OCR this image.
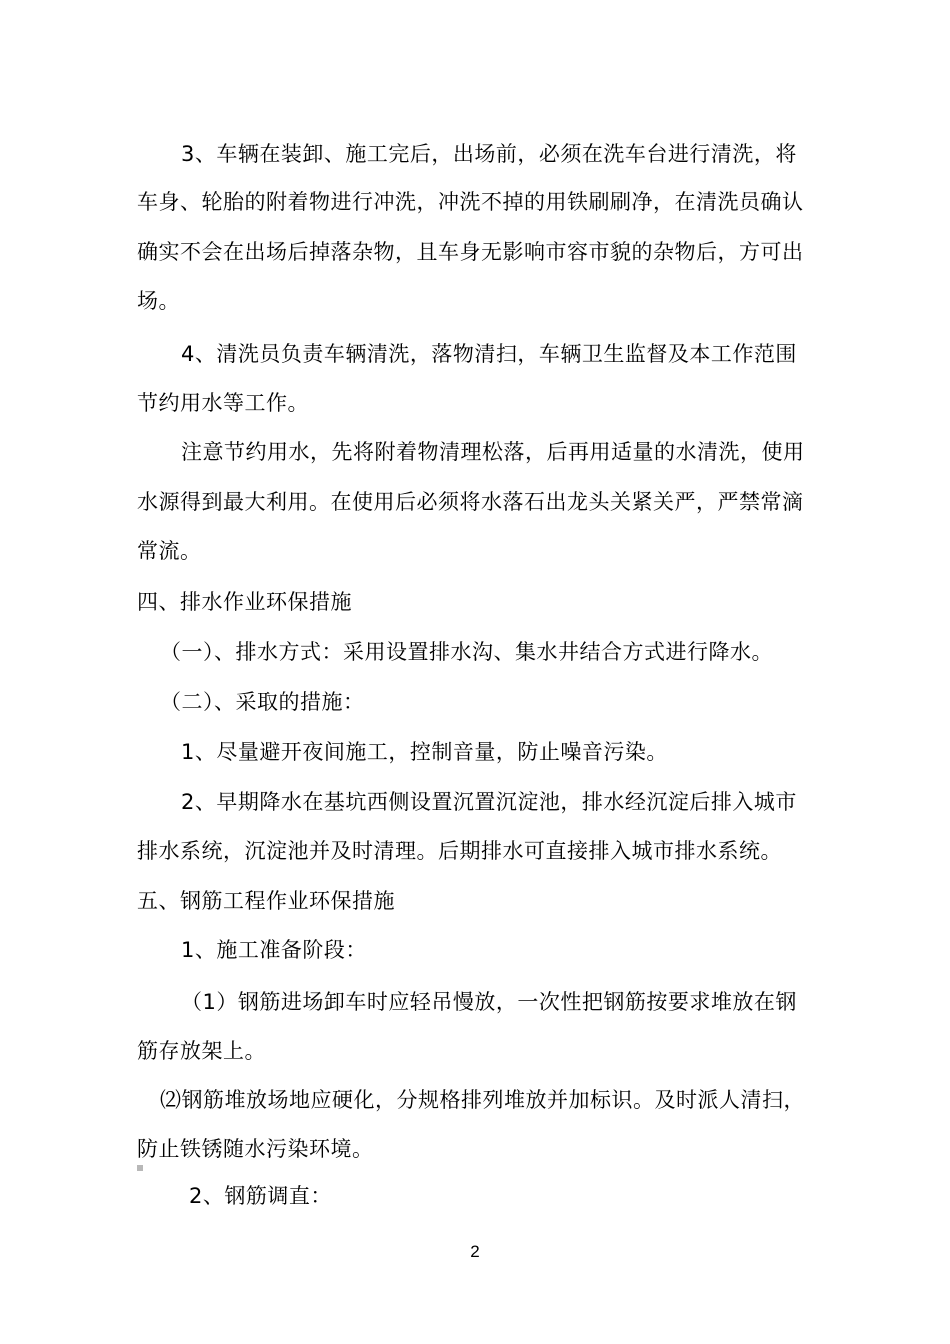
3、车辆在装卸、施工完后，出场前，必须在洗车台进行清洗，将
车身、轮胎的附着物进行冲洗，冲洗不掉的用铁刷刷净，在清洗员确认
确实不会在出场后掉落杂物，且车身无影响市容市貌的杂物后，方可出
场。
4、清洗员负责车辆清洗，落物清扫，车辆卫生监督及本工作范围
节约用水等工作。
注意节约用水，先将附着物清理松落，后再用适量的水清洗，使用
水源得到最大利用。在使用后必须将水落石出龙头关紧关严，严禁常滴
常流。
四、排水作业环保措施
（一）、排水方式：采用设置排水沟、集水井结合方式进行降水。
（二）、采取的措施：
1、尽量避开夜间施工，控制音量，防止噪音污染。
2、早期降水在基坑西侧设置沉置沉淀池，排水经沉淀后排入城市
排水系统，沉淀池并及时清理。后期排水可直接排入城市排水系统。
五、钢筋工程作业环保措施
1、施工准备阶段：
（1）钢筋进场卸车时应轻吊慢放，一次性把钢筋按要求堆放在钢
筋存放架上。
⑵钢筋堆放场地应硬化，分规格排列堆放并加标识。及时派人清扫，
防止铁锈随水污染环境。
2、钢筋调直：
2
